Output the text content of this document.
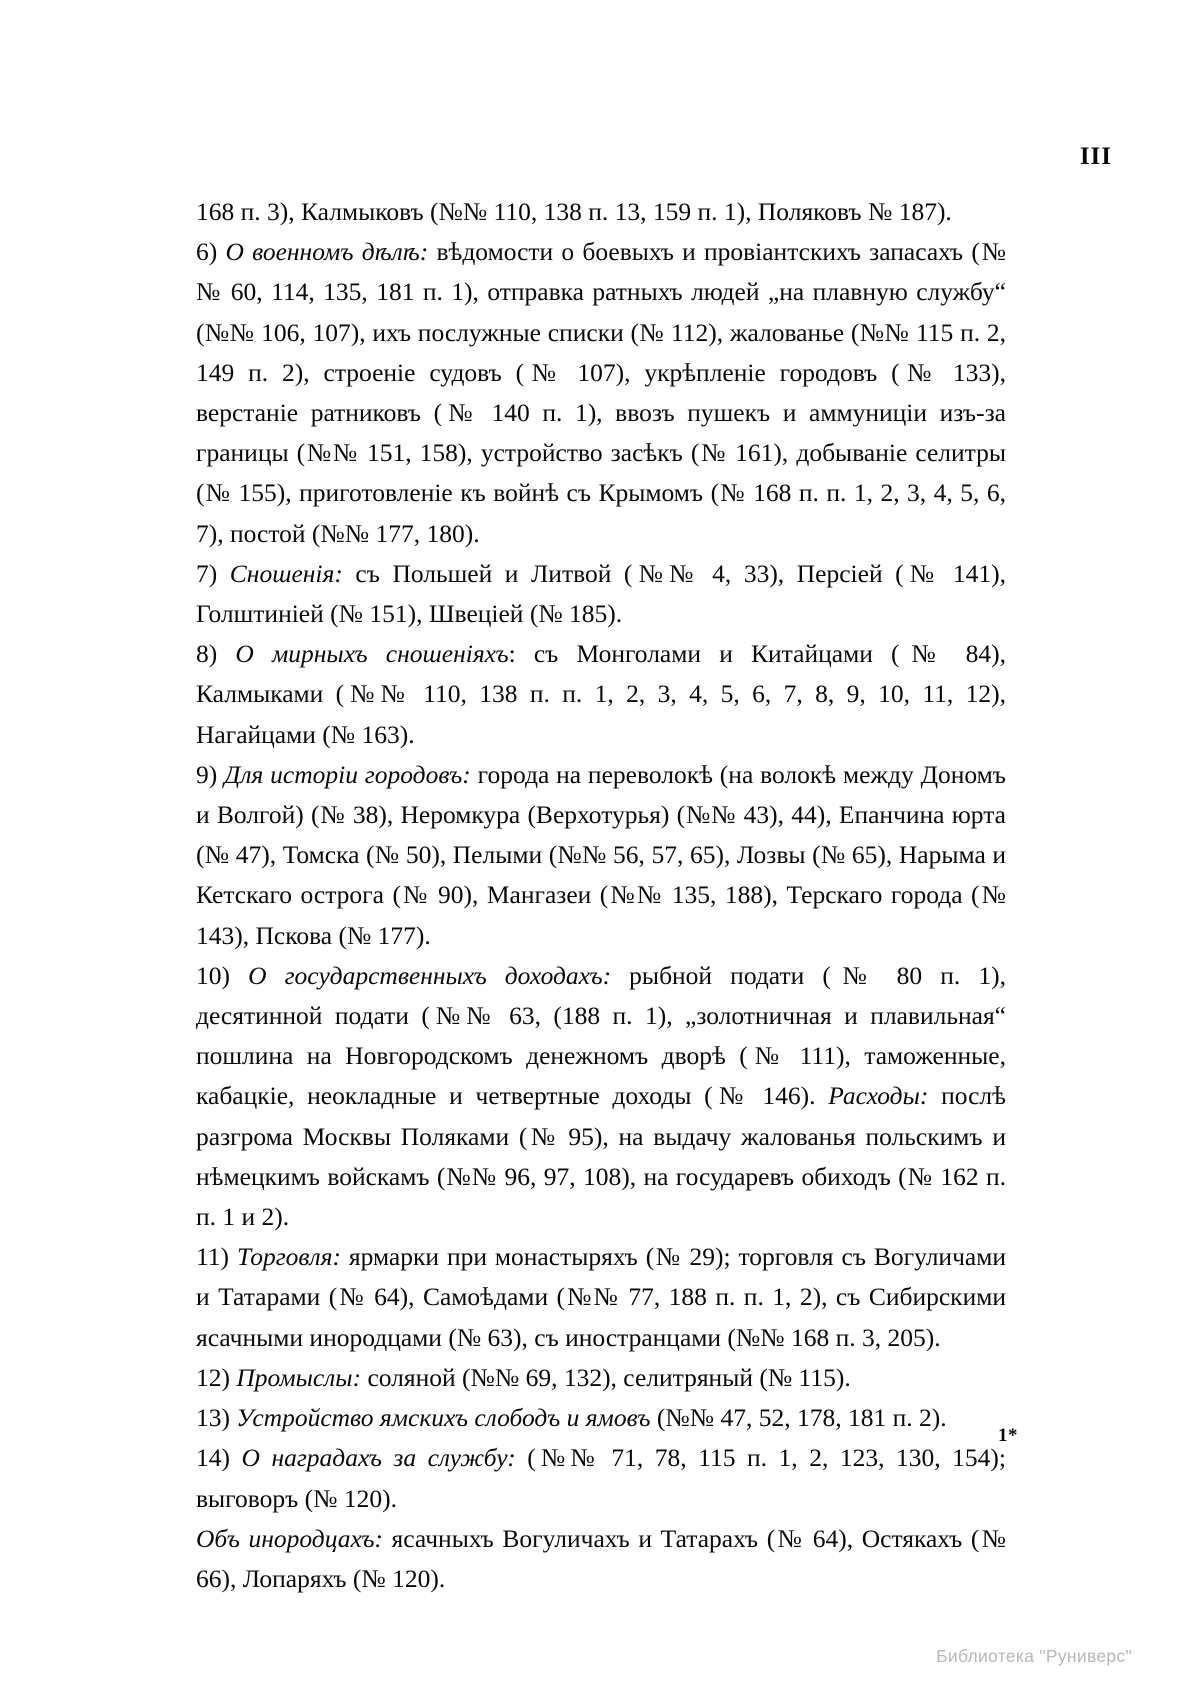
III

168 п. 3), Калмыковъ (№№ 110, 138 п. 13, 159 п. 1), Поляковъ № 187).

6) О военномъ дѣлѣ: вѣдомости о боевыхъ и провіантскихъ запасахъ (№№ 60, 114, 135, 181 п. 1), отправка ратныхъ людей „на плавную службу“ (№№ 106, 107), ихъ послужные списки (№ 112), жалованье (№№ 115 п. 2, 149 п. 2), строеніе судовъ (№ 107), укрѣпленіе городовъ (№ 133), верстаніе ратниковъ (№ 140 п. 1), ввозъ пушекъ и аммуниціи изъ-за границы (№№ 151, 158), устройство засѣкъ (№ 161), добываніе селитры (№ 155), приготовленіе къ войнѣ съ Крымомъ (№ 168 п. п. 1, 2, 3, 4, 5, 6, 7), постой (№№ 177, 180).

7) Сношенія: съ Польшей и Литвой (№№ 4, 33), Персіей (№ 141), Голштиніей (№ 151), Швеціей (№ 185).

8) О мирныхъ сношеніяхъ: съ Монголами и Китайцами (№ 84), Калмыками (№№ 110, 138 п. п. 1, 2, 3, 4, 5, 6, 7, 8, 9, 10, 11, 12), Нагайцами (№ 163).

9) Для исторіи городовъ: города на переволокѣ (на волокѣ между Дономъ и Волгой) (№ 38), Неромкура (Верхотурья) (№№ 43), 44), Епанчина юрта (№ 47), Томска (№ 50), Пелыми (№№ 56, 57, 65), Лозвы (№ 65), Нарыма и Кетскаго острога (№ 90), Мангазеи (№№ 135, 188), Терскаго города (№ 143), Пскова (№ 177).

10) О государственныхъ доходахъ: рыбной подати (№ 80 п. 1), десятинной подати (№№ 63, (188 п. 1), „золотничная и плавильная“ пошлина на Новгородскомъ денежномъ дворѣ (№ 111), таможенные, кабацкіе, неокладные и четвертные доходы (№ 146). Расходы: послѣ разгрома Москвы Поляками (№ 95), на выдачу жалованья польскимъ и нѣмецкимъ войскамъ (№№ 96, 97, 108), на государевъ обиходъ (№ 162 п. п. 1 и 2).

11) Торговля: ярмарки при монастыряхъ (№ 29); торговля съ Вогуличами и Татарами (№ 64), Самоѣдами (№№ 77, 188 п. п. 1, 2), съ Сибирскими ясачными инородцами (№ 63), съ иностранцами (№№ 168 п. 3, 205).

12) Промыслы: соляной (№№ 69, 132), селитряный (№ 115).

13) Устройство ямскихъ слободъ и ямовъ (№№ 47, 52, 178, 181 п. 2).

14) О наградахъ за службу: (№№ 71, 78, 115 п. 1, 2, 123, 130, 154); выговоръ (№ 120).

Объ инородцахъ: ясачныхъ Вогуличахъ и Татарахъ (№ 64), Остякахъ (№ 66), Лопаряхъ (№ 120).

1*
Библиотека "Руниверс"
